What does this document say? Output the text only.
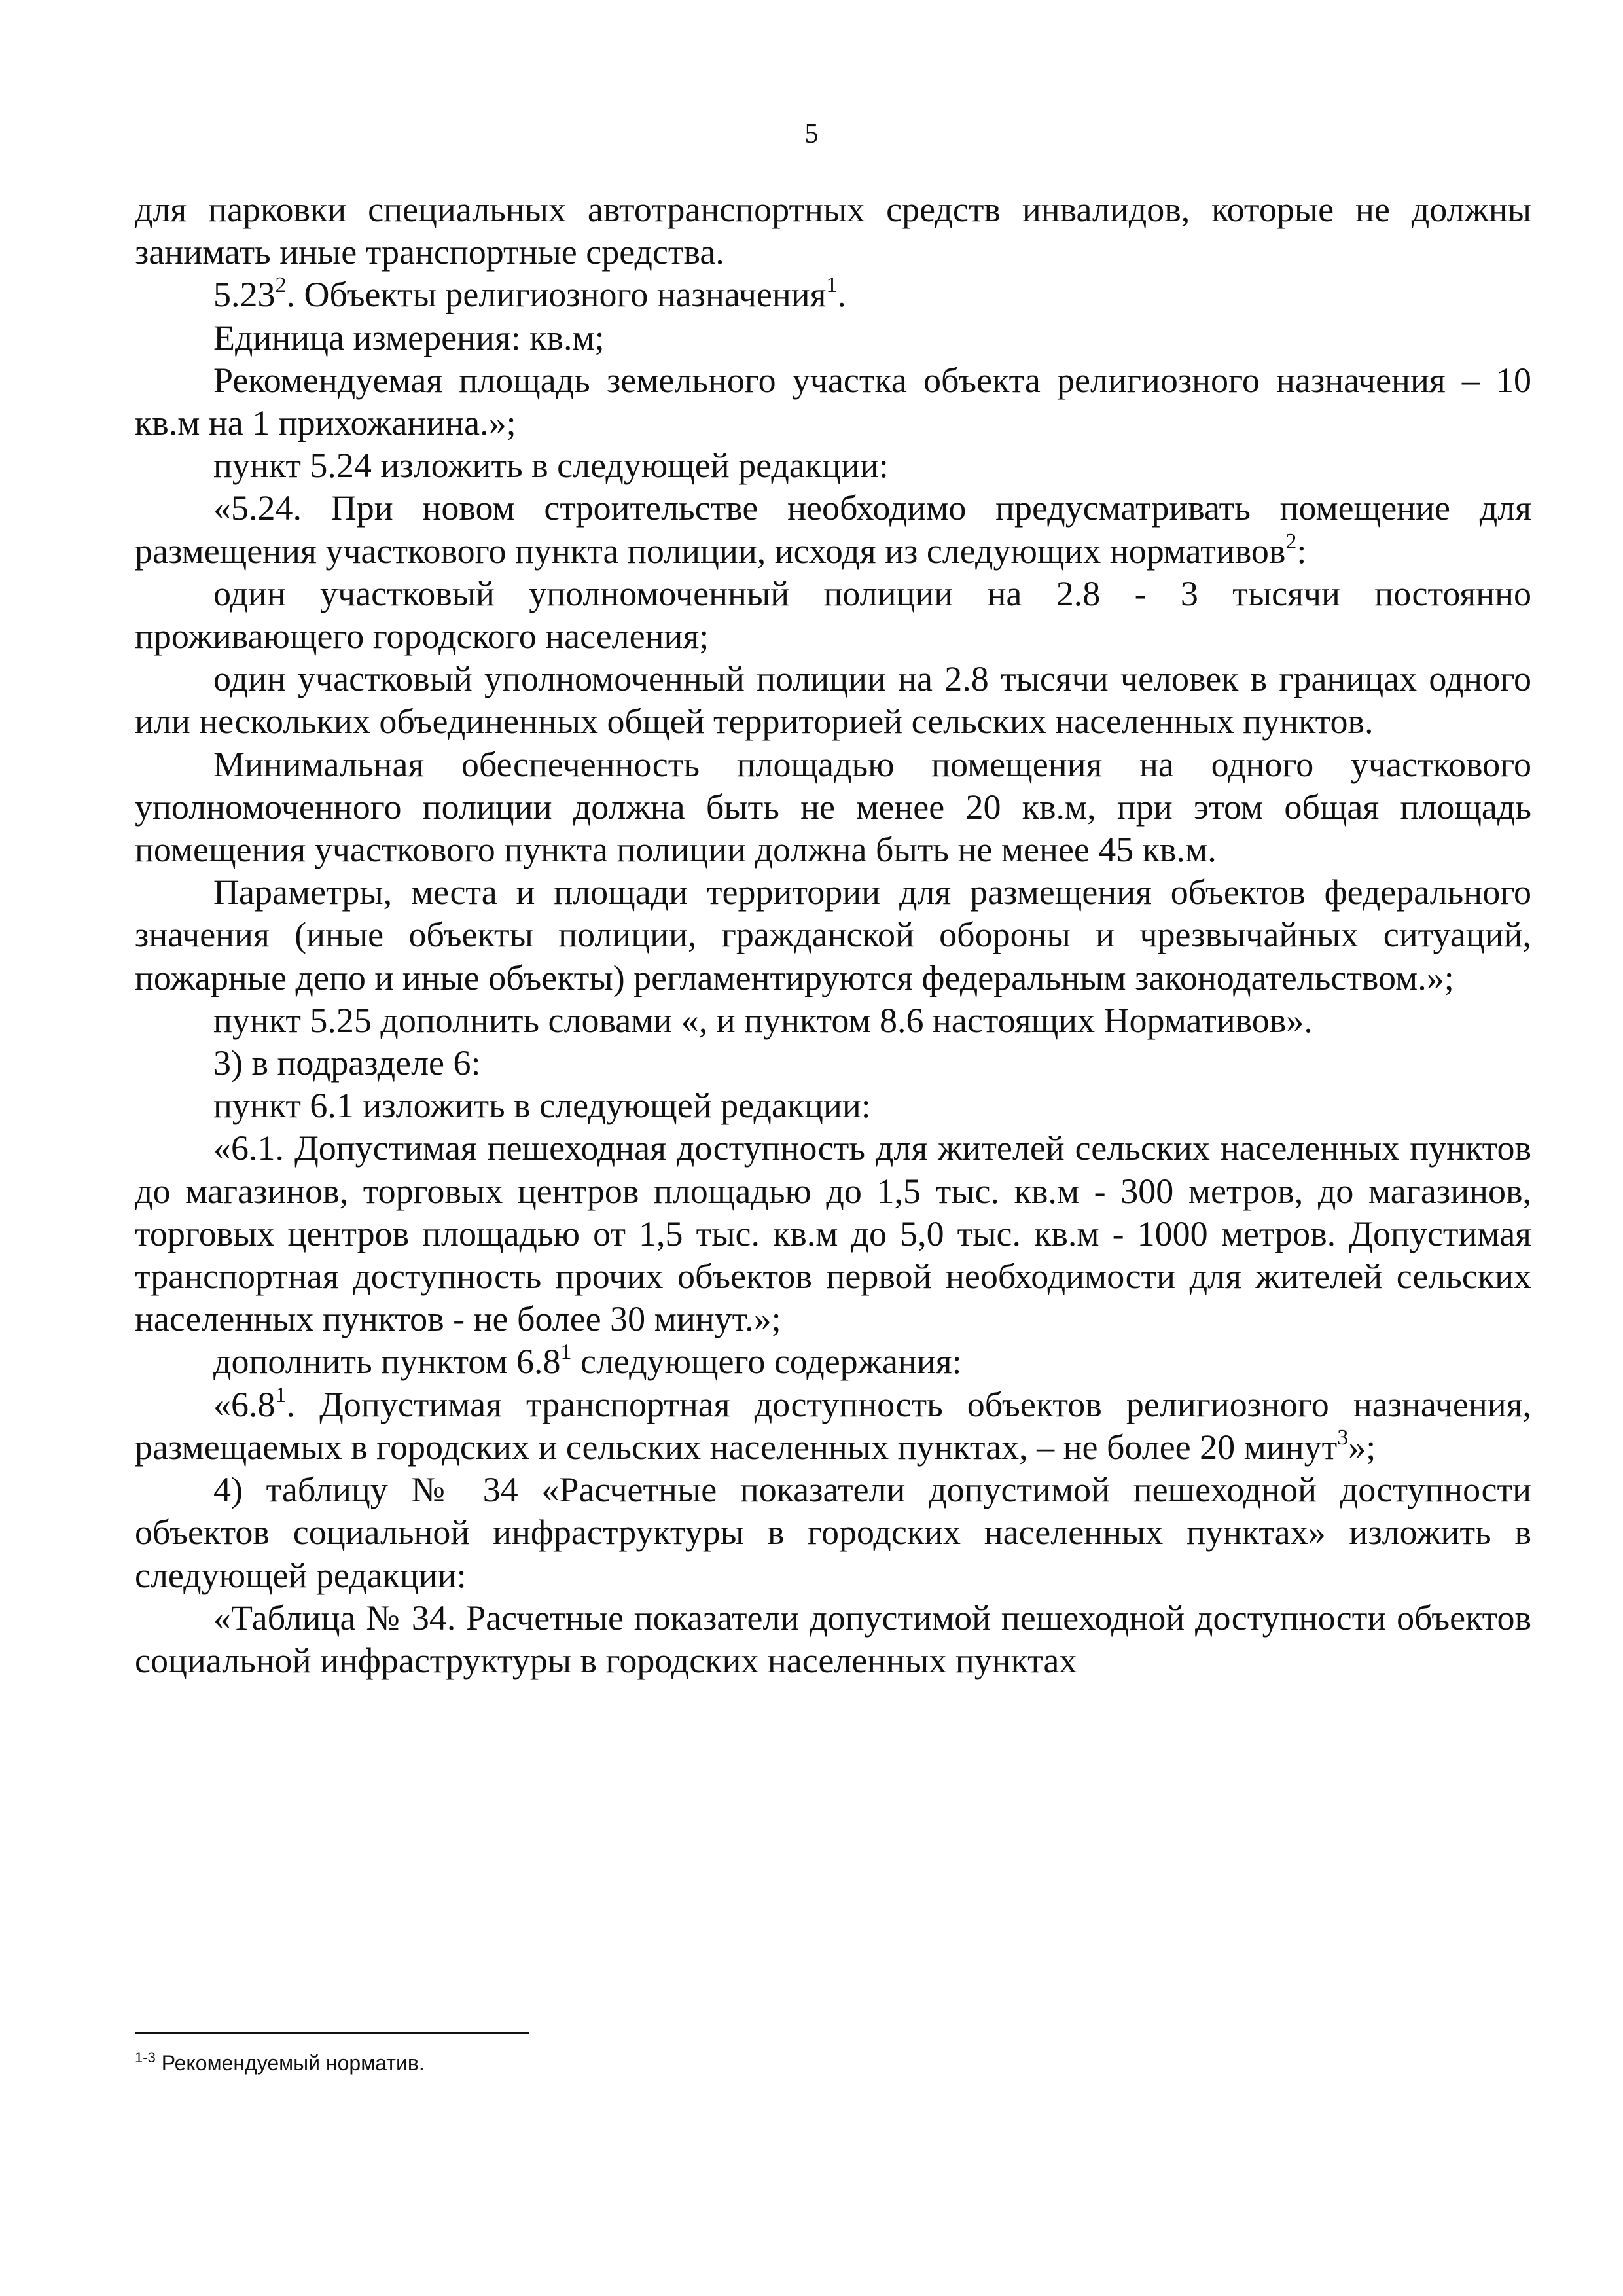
5

для парковки специальных автотранспортных средств инвалидов, которые не должны занимать иные транспортные средства.

5.23$^2$. Объекты религиозного назначения$^1$.

Единица измерения: кв.м;

Рекомендуемая площадь земельного участка объекта религиозного назначения – 10 кв.м на 1 прихожанина.»;

пункт 5.24 изложить в следующей редакции:

«5.24. При новом строительстве необходимо предусматривать помещение для размещения участкового пункта полиции, исходя из следующих нормативов$^2$:

один участковый уполномоченный полиции на 2.8 - 3 тысячи постоянно проживающего городского населения;

один участковый уполномоченный полиции на 2.8 тысячи человек в границах одного или нескольких объединенных общей территорией сельских населенных пунктов.

Минимальная обеспеченность площадью помещения на одного участкового уполномоченного полиции должна быть не менее 20 кв.м, при этом общая площадь помещения участкового пункта полиции должна быть не менее 45 кв.м.

Параметры, места и площади территории для размещения объектов федерального значения (иные объекты полиции, гражданской обороны и чрезвычайных ситуаций, пожарные депо и иные объекты) регламентируются федеральным законодательством.»;

пункт 5.25 дополнить словами «, и пунктом 8.6 настоящих Нормативов».

3) в подразделе 6:

пункт 6.1 изложить в следующей редакции:

«6.1. Допустимая пешеходная доступность для жителей сельских населенных пунктов до магазинов, торговых центров площадью до 1,5 тыс. кв.м - 300 метров, до магазинов, торговых центров площадью от 1,5 тыс. кв.м до 5,0 тыс. кв.м - 1000 метров. Допустимая транспортная доступность прочих объектов первой необходимости для жителей сельских населенных пунктов - не более 30 минут.»;

дополнить пунктом $6.8^1$ следующего содержания:

«$6.8^1$. Допустимая транспортная доступность объектов религиозного назначения, размещаемых в городских и сельских населенных пунктах, – не более 20 минут$^3$»;

4) таблицу № 34 «Расчетные показатели допустимой пешеходной доступности объектов социальной инфраструктуры в городских населенных пунктах» изложить в следующей редакции:

«Таблица № 34. Расчетные показатели допустимой пешеходной доступности объектов социальной инфраструктуры в городских населенных пунктах

$^{1-3}$ Рекомендуемый норматив.
